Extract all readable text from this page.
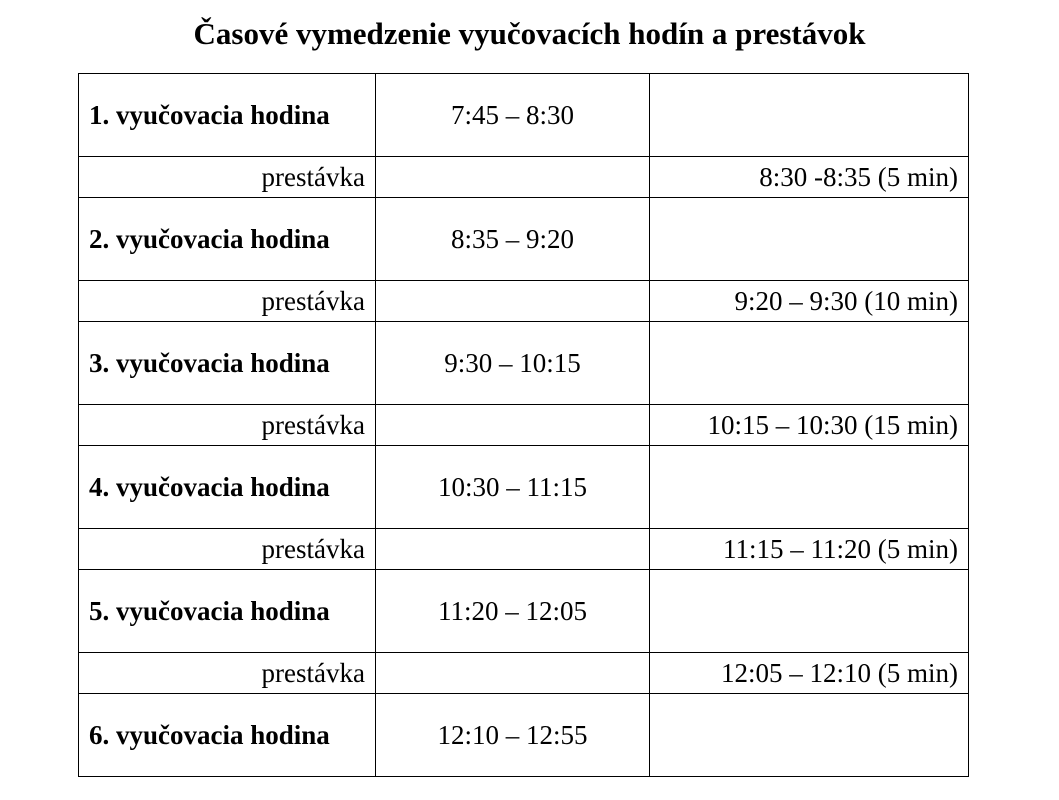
Časové vymedzenie vyučovacích hodín a prestávok
1. vyučovacia hodina	7:45 – 8:30	
prestávka		8:30 -8:35 (5 min)
2. vyučovacia hodina	8:35 – 9:20	
prestávka		9:20 – 9:30 (10 min)
3. vyučovacia hodina	9:30 – 10:15	
prestávka		10:15 – 10:30 (15 min)
4. vyučovacia hodina	10:30 – 11:15	
prestávka		11:15 – 11:20 (5 min)
5. vyučovacia hodina	11:20 – 12:05	
prestávka		12:05 – 12:10 (5 min)
6. vyučovacia hodina	12:10 – 12:55	
